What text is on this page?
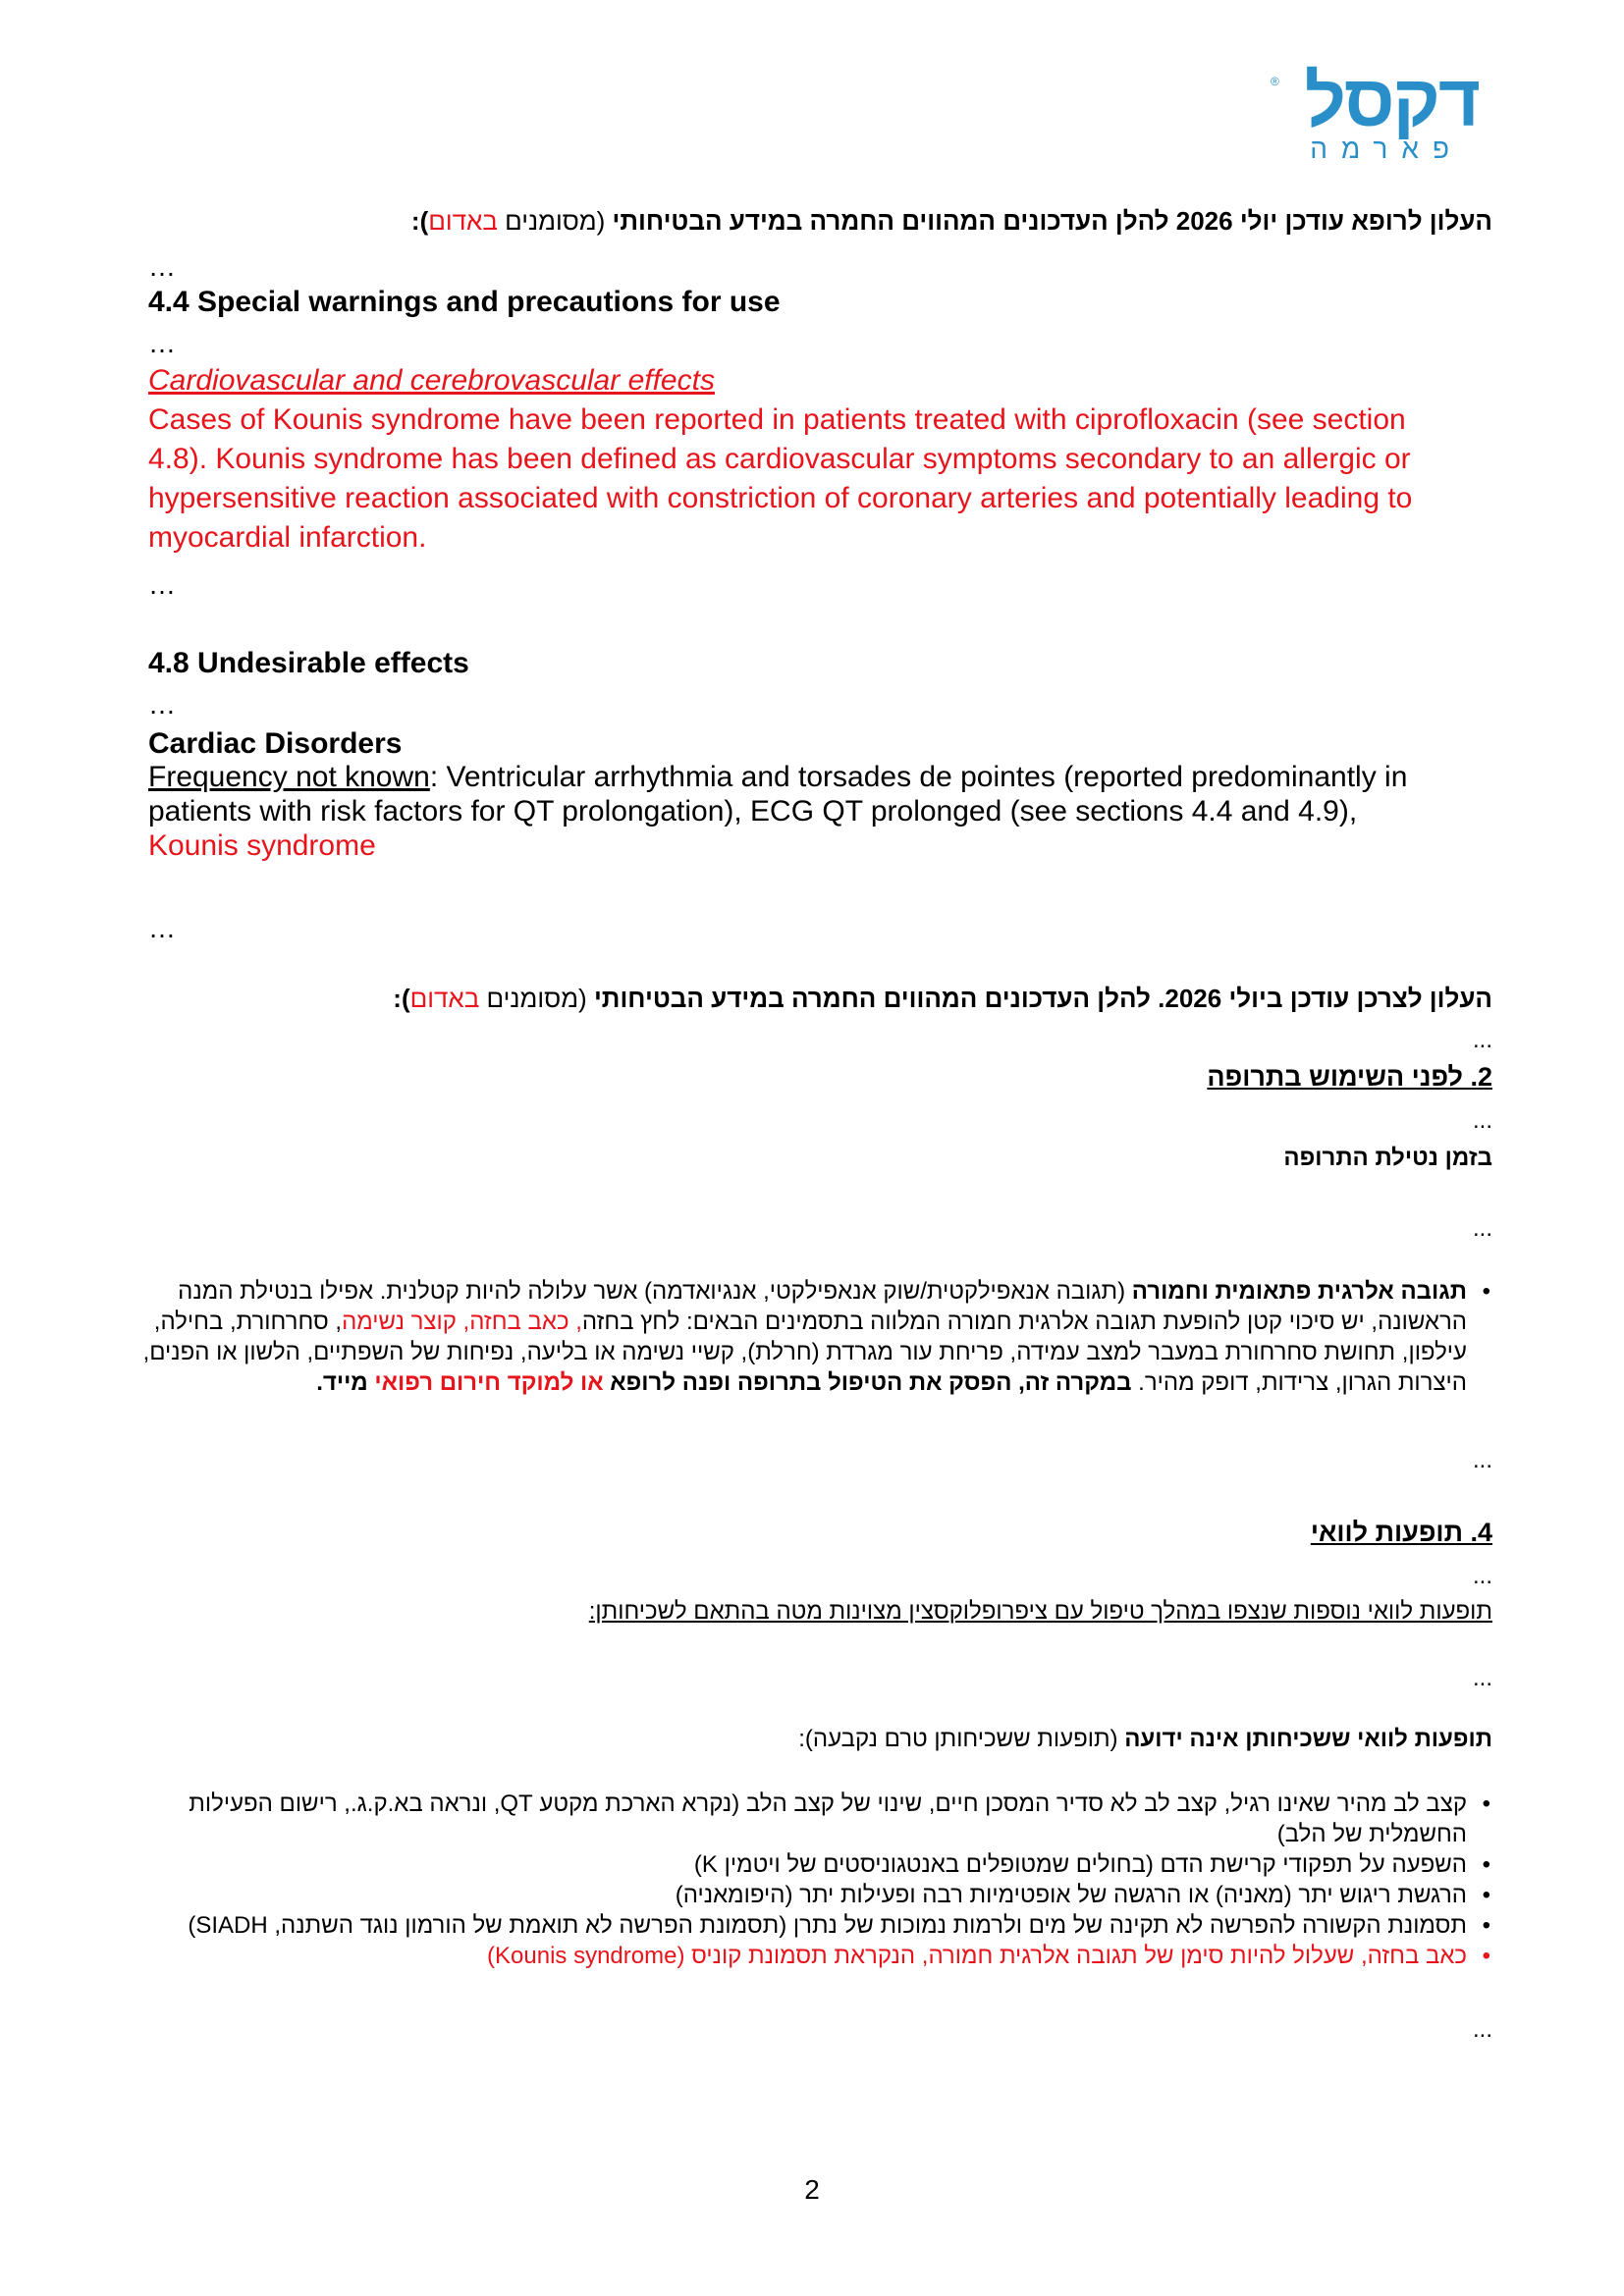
® דקסל
פארמה
העלון לרופא עודכן יולי 2026 להלן העדכונים המהווים החמרה במידע הבטיחותי (מסומנים באדום):
…
4.4 Special warnings and precautions for use
…
Cardiovascular and cerebrovascular effects
Cases of Kounis syndrome have been reported in patients treated with ciprofloxacin (see section 4.8). Kounis syndrome has been defined as cardiovascular symptoms secondary to an allergic or hypersensitive reaction associated with constriction of coronary arteries and potentially leading to myocardial infarction.
…
4.8 Undesirable effects
…
Cardiac Disorders
Frequency not known: Ventricular arrhythmia and torsades de pointes (reported predominantly in patients with risk factors for QT prolongation), ECG QT prolonged (see sections 4.4 and 4.9),
Kounis syndrome
…
העלון לצרכן עודכן ביולי 2026. להלן העדכונים המהווים החמרה במידע הבטיחותי (מסומנים באדום):
...
2. לפני השימוש בתרופה
...
בזמן נטילת התרופה
...
• תגובה אלרגית פתאומית וחמורה (תגובה אנאפילקטית/שוק אנאפילקטי, אנגיואדמה) אשר עלולה להיות קטלנית. אפילו בנטילת המנה הראשונה, יש סיכוי קטן להופעת תגובה אלרגית חמורה המלווה בתסמינים הבאים: לחץ בחזה, כאב בחזה, קוצר נשימה, סחרחורת, בחילה, עילפון, תחושת סחרחורת במעבר למצב עמידה, פריחת עור מגרדת (חרלת), קשיי נשימה או בליעה, נפיחות של השפתיים, הלשון או הפנים, היצרות הגרון, צרידות, דופק מהיר. במקרה זה, הפסק את הטיפול בתרופה ופנה לרופא או למוקד חירום רפואי מייד.
...
4. תופעות לוואי
...
תופעות לוואי נוספות שנצפו במהלך טיפול עם ציפרופלוקסצין מצוינות מטה בהתאם לשכיחותן:
...
תופעות לוואי ששכיחותן אינה ידועה (תופעות ששכיחותן טרם נקבעה):
• קצב לב מהיר שאינו רגיל, קצב לב לא סדיר המסכן חיים, שינוי של קצב הלב (נקרא הארכת מקטע QT, ונראה בא.ק.ג., רישום הפעילות החשמלית של הלב)
• השפעה על תפקודי קרישת הדם (בחולים שמטופלים באנטגוניסטים של ויטמין K)
• הרגשת ריגוש יתר (מאניה) או הרגשה של אופטימיות רבה ופעילות יתר (היפומאניה)
• תסמונת הקשורה להפרשה לא תקינה של מים ולרמות נמוכות של נתרן (תסמונת הפרשה לא תואמת של הורמון נוגד השתנה, SIADH)
• כאב בחזה, שעלול להיות סימן של תגובה אלרגית חמורה, הנקראת תסמונת קוניס (Kounis syndrome)
...
2
